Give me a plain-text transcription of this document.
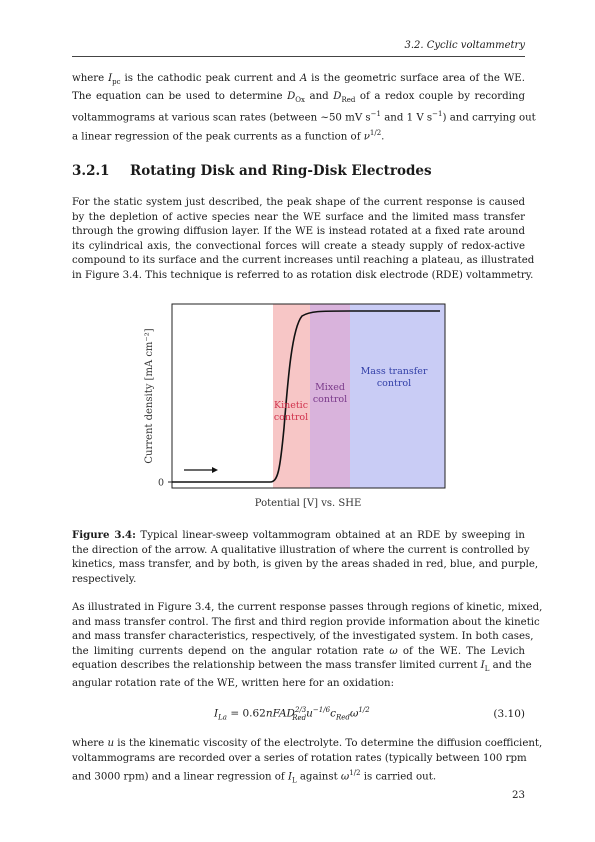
3.2. Cyclic voltammetry

where $I_{pc}$ is the cathodic peak current and A is the geometric surface area of the WE.
The equation can be used to determine $D_{Ox}$ and $D_{Red}$ of a redox couple by recording
voltammograms at various scan rates (between ∼50 mV $s^{-1}$ and 1 V $s^{-1}$) and carrying out
a linear regression of the peak currents as a function of $\nu^{1/2}$.

3.2.1 Rotating Disk and Ring-Disk Electrodes

For the static system just described, the peak shape of the current response is caused
by the depletion of active species near the WE surface and the limited mass transfer
through the growing diffusion layer. If the WE is instead rotated at a fixed rate around
its cylindrical axis, the convectional forces will create a steady supply of redox-active
compound to its surface and the current increases until reaching a plateau, as illustrated
in Figure 3.4. This technique is referred to as rotation disk electrode (RDE) voltammetry.

0
Kinetic
control
Mixed
control
Mass transfer
control
Current density [mA cm⁻²]
Potential [V] vs. SHE

Figure 3.4: Typical linear-sweep voltammogram obtained at an RDE by sweeping in
the direction of the arrow. A qualitative illustration of where the current is controlled by
kinetics, mass transfer, and by both, is given by the areas shaded in red, blue, and purple,
respectively.

As illustrated in Figure 3.4, the current response passes through regions of kinetic, mixed,
and mass transfer control. The first and third region provide information about the kinetic
and mass transfer characteristics, respectively, of the investigated system. In both cases,
the limiting currents depend on the angular rotation rate ω of the WE. The Levich
equation describes the relationship between the mass transfer limited current $I_L$ and the
angular rotation rate of the WE, written here for an oxidation:

$I_{La}$ = $0.62nFAD^{2/3}_{Red}u^{-1/6}c_{Red}\omega^{1/2}$	(3.10)

where u is the kinematic viscosity of the electrolyte. To determine the diffusion coefficient,
voltammograms are recorded over a series of rotation rates (typically between 100 rpm
and 3000 rpm) and a linear regression of $I_L$ against $\omega^{1/2}$ is carried out.

23
